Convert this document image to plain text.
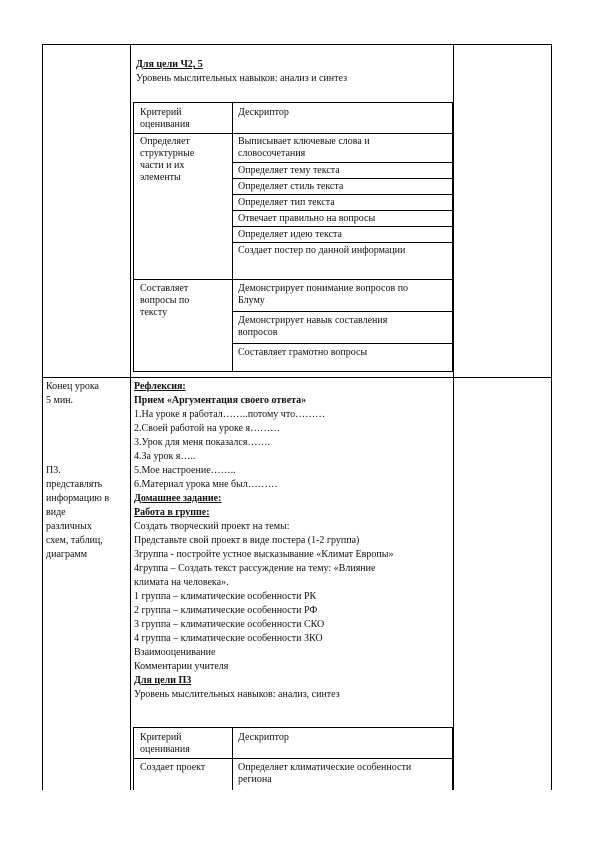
Для цели Ч2, 5
Уровень мыслительных навыков: анализ и синтез
Критерий
оценивания
Дескриптор
Определяет
структурные
части и их
элементы
Выписывает ключевые слова и
словосочетания
Определяет тему текста
Определяет стиль текста
Определяет тип текста
Отвечает правильно на вопросы
Определяет идею текста
Создает постер по данной информации
Составляет
вопросы по
тексту
Демонстрирует понимание вопросов по
Блуму
Демонстрирует навык составления
вопросов
Составляет грамотно вопросы
Конец урока
5 мин.
П3.
представлять
информацию в
виде
различных
схем, таблиц,
диаграмм
Рефлексия:
Прием «Аргументация своего ответа»
1.На уроке я работал……..потому что………
2.Своей работой на уроке я………
3.Урок для меня показался…….
4.За урок я…..
5.Мое настроение……..
6.Материал урока мне был………
Домашнее задание:
Работа в группе:
Создать творческий проект на темы:
Представьте свой проект в виде постера (1-2 группа)
3группа - постройте устное высказывание «Климат Европы»
4группа – Создать текст рассуждение на тему: «Влияние
климата на человека».
1 группа – климатические особенности РК
2 группа – климатические особенности РФ
3 группа – климатические особенности СКО
4 группа – климатические особенности ЗКО
Взаимооценивание
Комментарии учителя
Для цели П3
Уровень мыслительных навыков: анализ, синтез
Критерий
оценивания
Дескриптор
Создает проект	Определяет климатические особенности
региона
